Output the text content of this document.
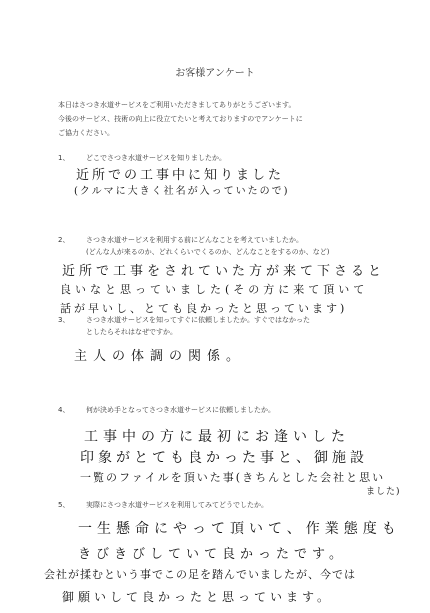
お客様アンケート
本日はさつき水道サービスをご利用いただきましてありがとうございます。
今後のサービス、技術の向上に役立てたいと考えておりますのでアンケートに
ご協力ください。
1、 どこでさつき水道サービスを知りましたか。
近所での工事中に知りました
(クルマに大きく社名が入っていたので)
2、 さつき水道サービスを利用する前にどんなことを考えていましたか。
(どんな人が来るのか、どれくらいでくるのか、どんなことをするのか、など)
近所で工事をされていた方が来て下さると
良いなと思っていました(その方に来て頂いて
話が早いし、とても良かったと思っています)
3、 さつき水道サービスを知ってすぐに依頼しましたか。すぐではなかった
としたらそれはなぜですか。
主人の体調の関係。
4、 何が決め手となってさつき水道サービスに依頼しましたか。
工事中の方に最初にお逢いした
印象がとても良かった事と、御施設
一覧のファイルを頂いた事(きちんとした会社と思い
ました)
5、 実際にさつき水道サービスを利用してみてどうでしたか。
一生懸命にやって頂いて、作業態度も
きびきびしていて良かったです。
会社が揉むという事でこの足を踏んでいましたが、今では
御願いして良かったと思っています。
